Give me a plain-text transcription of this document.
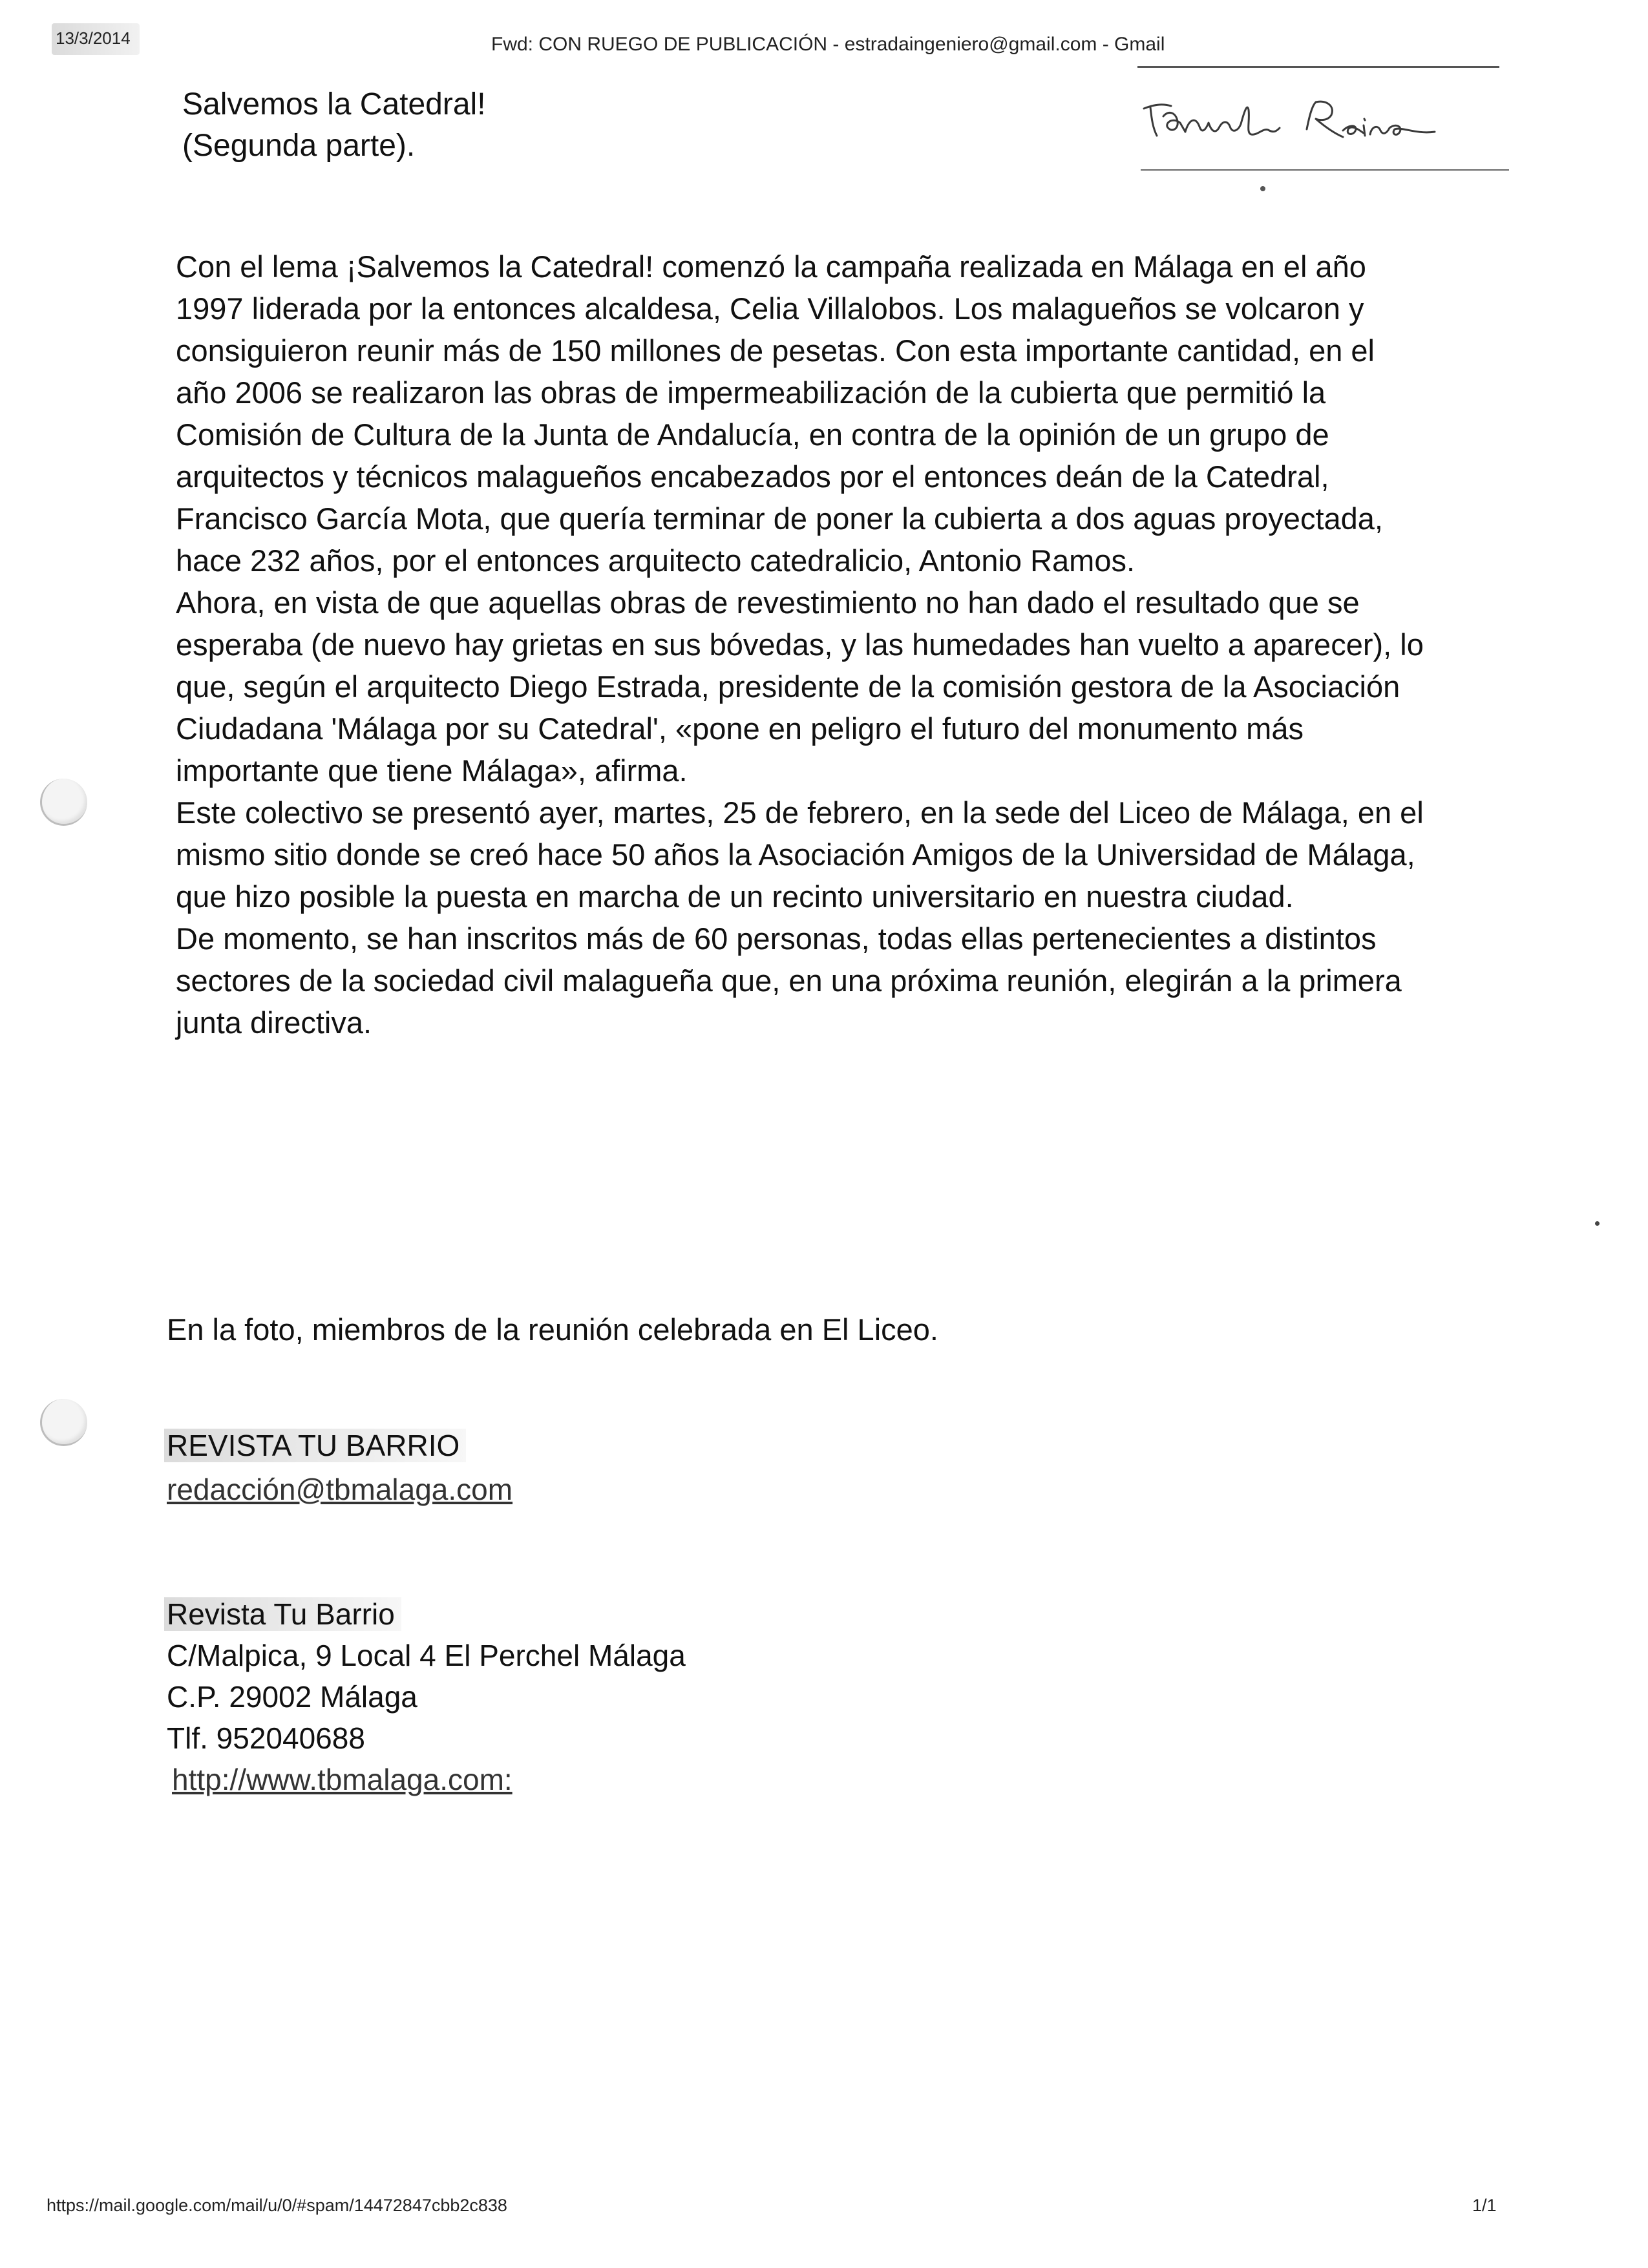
13/3/2014	Fwd: CON RUEGO DE PUBLICACIÓN - estradaingeniero@gmail.com - Gmail
Salvemos la Catedral!
(Segunda parte).

Con el lema ¡Salvemos la Catedral! comenzó la campaña realizada en Málaga en el año 1997 liderada por la entonces alcaldesa, Celia Villalobos. Los malagueños se volcaron y consiguieron reunir más de 150 millones de pesetas. Con esta importante cantidad, en el año 2006 se realizaron las obras de impermeabilización de la cubierta que permitió la Comisión de Cultura de la Junta de Andalucía, en contra de la opinión de un grupo de arquitectos y técnicos malagueños encabezados por el entonces deán de la Catedral, Francisco García Mota, que quería terminar de poner la cubierta a dos aguas proyectada, hace 232 años, por el entonces arquitecto catedralicio, Antonio Ramos.

Ahora, en vista de que aquellas obras de revestimiento no han dado el resultado que se esperaba (de nuevo hay grietas en sus bóvedas, y las humedades han vuelto a aparecer), lo que, según el arquitecto Diego Estrada, presidente de la comisión gestora de la Asociación Ciudadana 'Málaga por su Catedral', «pone en peligro el futuro del monumento más importante que tiene Málaga», afirma.

Este colectivo se presentó ayer, martes, 25 de febrero, en la sede del Liceo de Málaga, en el mismo sitio donde se creó hace 50 años la Asociación Amigos de la Universidad de Málaga, que hizo posible la puesta en marcha de un recinto universitario en nuestra ciudad.

De momento, se han inscritos más de 60 personas, todas ellas pertenecientes a distintos sectores de la sociedad civil malagueña que, en una próxima reunión, elegirán a la primera junta directiva.

En la foto, miembros de la reunión celebrada en El Liceo.
REVISTA TU BARRIO
redacción@tbmalaga.com
Revista Tu Barrio
C/Malpica, 9 Local 4 El Perchel Málaga
C.P. 29002 Málaga
Tlf. 952040688
http://www.tbmalaga.com:
https://mail.google.com/mail/u/0/#spam/14472847cbb2c838	1/1
